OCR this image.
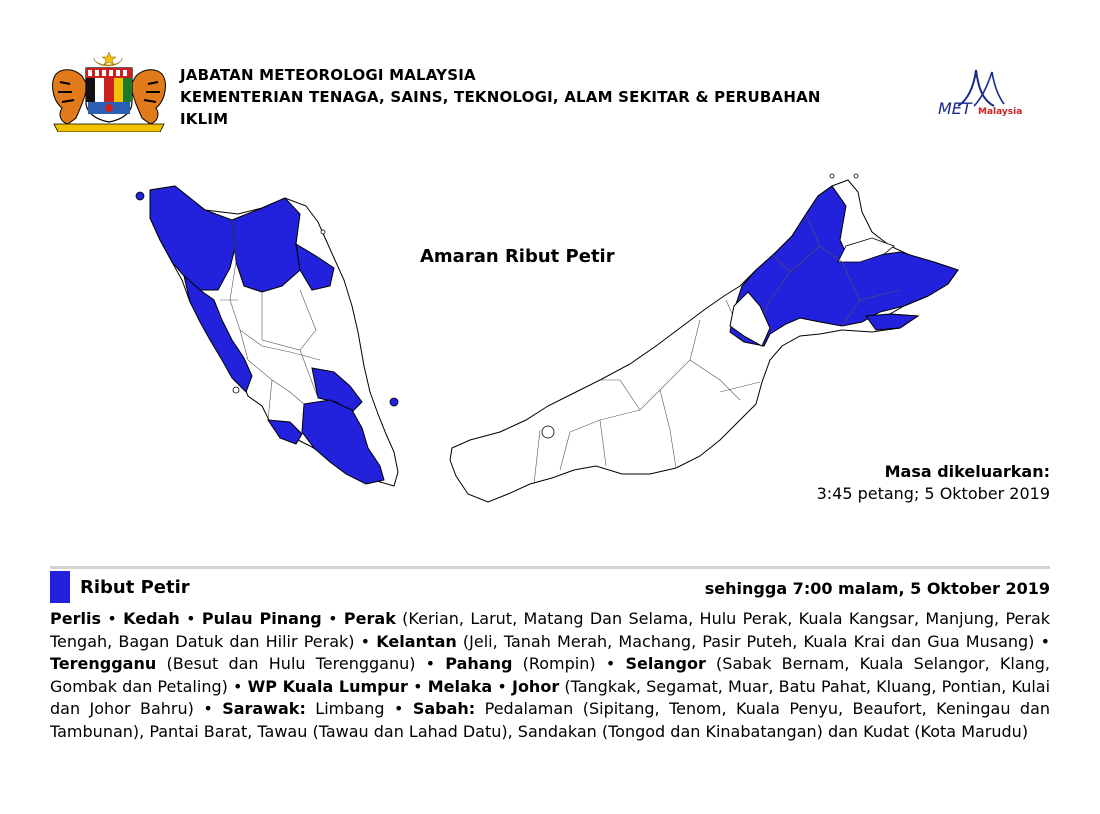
JABATAN METEOROLOGI MALAYSIA
KEMENTERIAN TENAGA, SAINS, TEKNOLOGI, ALAM SEKITAR & PERUBAHAN
IKLIM
MET Malaysia
Amaran Ribut Petir
Masa dikeluarkan:
3:45 petang; 5 Oktober 2019
Ribut Petir	sehingga 7:00 malam, 5 Oktober 2019
Perlis • Kedah • Pulau Pinang • Perak (Kerian, Larut, Matang Dan Selama, Hulu Perak, Kuala Kangsar, Manjung, Perak Tengah, Bagan Datuk dan Hilir Perak) • Kelantan (Jeli, Tanah Merah, Machang, Pasir Puteh, Kuala Krai dan Gua Musang) • Terengganu (Besut dan Hulu Terengganu) • Pahang (Rompin) • Selangor (Sabak Bernam, Kuala Selangor, Klang, Gombak dan Petaling) • WP Kuala Lumpur • Melaka • Johor (Tangkak, Segamat, Muar, Batu Pahat, Kluang, Pontian, Kulai dan Johor Bahru) • Sarawak: Limbang • Sabah: Pedalaman (Sipitang, Tenom, Kuala Penyu, Beaufort, Keningau dan Tambunan), Pantai Barat, Tawau (Tawau dan Lahad Datu), Sandakan (Tongod dan Kinabatangan) dan Kudat (Kota Marudu)
